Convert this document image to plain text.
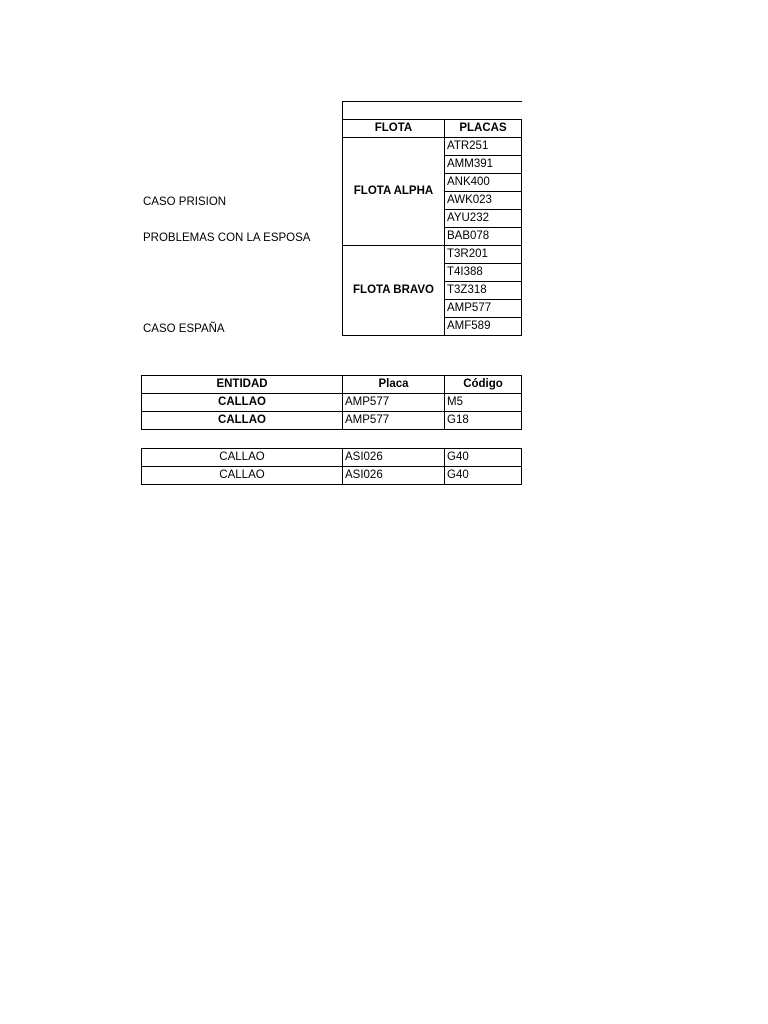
CASO PRISION
PROBLEMAS CON LA ESPOSA
CASO ESPAÑA

FLOTA	PLACAS
FLOTA ALPHA	ATR251
	AMM391
	ANK400
	AWK023
	AYU232
	BAB078
FLOTA BRAVO	T3R201
	T4I388
	T3Z318
	AMP577
	AMF589
ENTIDAD	Placa	Código
CALLAO	AMP577	M5
CALLAO	AMP577	G18
CALLAO	ASI026	G40
CALLAO	ASI026	G40
